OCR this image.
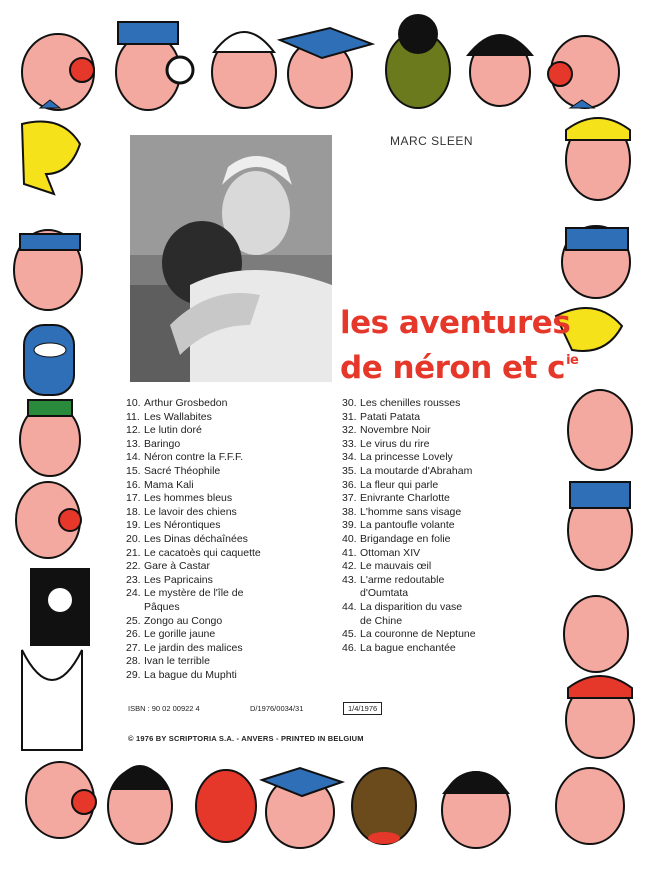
MARC SLEEN
les aventures
de néron et $c^{ie}$
10. Arthur Grosbedon
11. Les Wallabites
12. Le lutin doré
13. Baringo
14. Néron contre la F.F.F.
15. Sacré Théophile
16. Mama Kali
17. Les hommes bleus
18. Le lavoir des chiens
19. Les Nérontiques
20. Les Dinas déchaînées
21. Le cacatoès qui caquette
22. Gare à Castar
23. Les Papricains
24. Le mystère de l'île de
Pâques
25. Zongo au Congo
26. Le gorille jaune
27. Le jardin des malices
28. Ivan le terrible
29. La bague du Muphti
30. Les chenilles rousses
31. Patati Patata
32. Novembre Noir
33. Le virus du rire
34. La princesse Lovely
35. La moutarde d'Abraham
36. La fleur qui parle
37. Enivrante Charlotte
38. L'homme sans visage
39. La pantoufle volante
40. Brigandage en folie
41. Ottoman XIV
42. Le mauvais œil
43. L'arme redoutable
d'Oumtata
44. La disparition du vase
de Chine
45. La couronne de Neptune
46. La bague enchantée
ISBN : 90 02 00922 4	D/1976/0034/31	1/4/1976
© 1976 BY SCRIPTORIA S.A. - ANVERS - PRINTED IN BELGIUM
